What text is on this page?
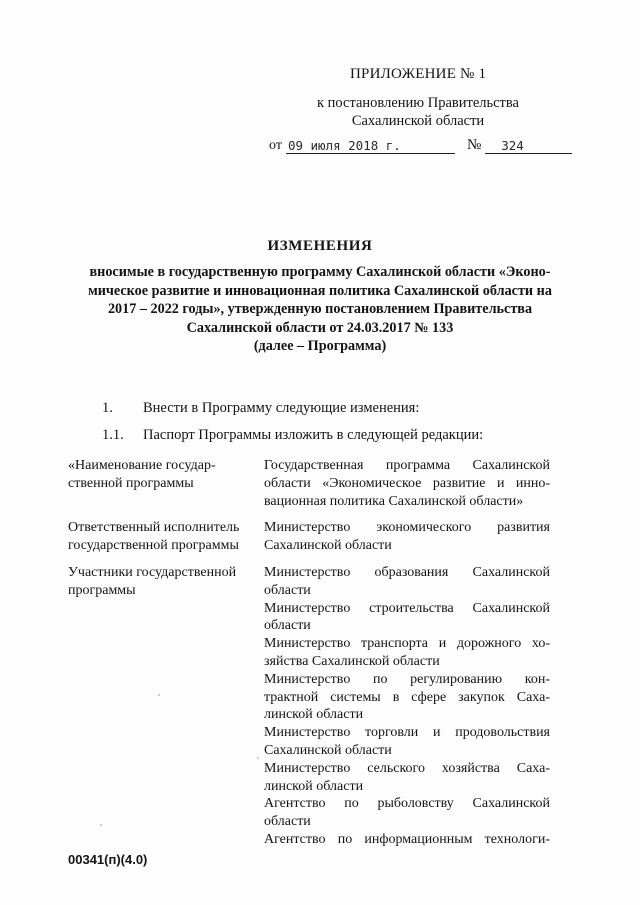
ПРИЛОЖЕНИЕ № 1
к постановлению Правительства
Сахалинской области
от 09 июля 2018 г.	№	324
ИЗМЕНЕНИЯ
вносимые в государственную программу Сахалинской области «Эконо-
мическое развитие и инновационная политика Сахалинской области на
2017 – 2022 годы», утвержденную постановлением Правительства
Сахалинской области от 24.03.2017 № 133
(далее – Программа)
1. Внести в Программу следующие изменения:
1.1. Паспорт Программы изложить в следующей редакции:
«Наименование государ-
ственной программы
Государственная программа Сахалинской
области «Экономическое развитие и инно-
вационная политика Сахалинской области»
Ответственный исполнитель
государственной программы
Министерство экономического развития
Сахалинской области
Участники государственной
программы
Министерство образования Сахалинской
области
Министерство строительства Сахалинской
области
Министерство транспорта и дорожного хо-
зяйства Сахалинской области
Министерство по регулированию кон-
трактной системы в сфере закупок Саха-
линской области
Министерство торговли и продовольствия
Сахалинской области
Министерство сельского хозяйства Саха-
линской области
Агентство по рыболовству Сахалинской
области
Агентство по информационным технологи-
00341(п)(4.0)
